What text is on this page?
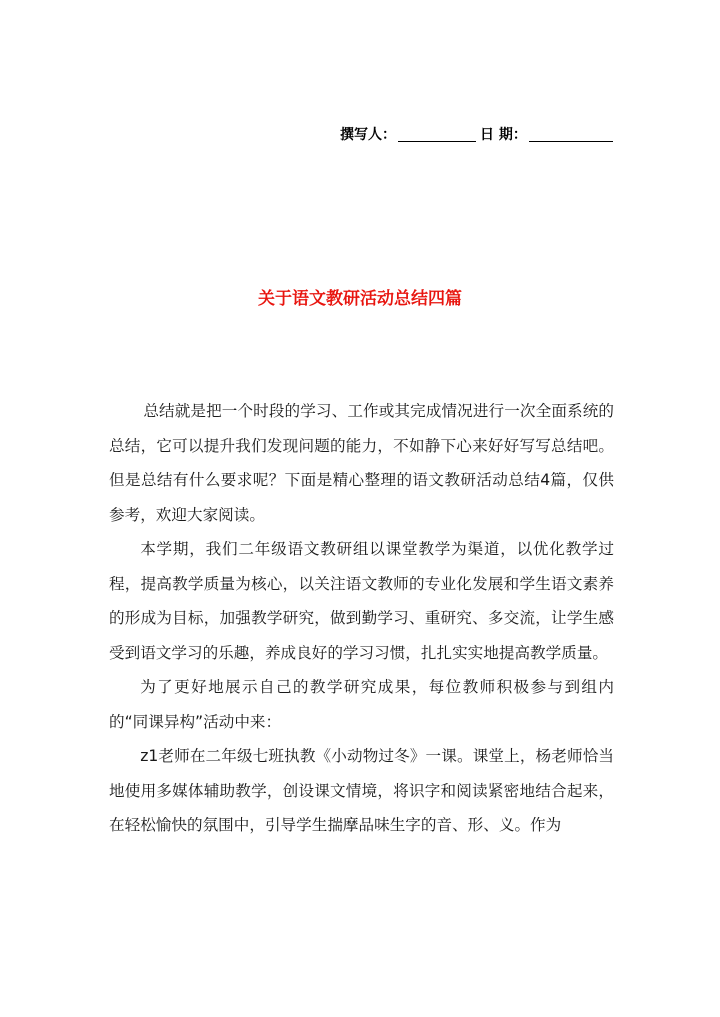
撰写人：	日 期：
关于语文教研活动总结四篇

总结就是把一个时段的学习、工作或其完成情况进行一次全面系统的总结，它可以提升我们发现问题的能力，不如静下心来好好写写总结吧。但是总结有什么要求呢？下面是精心整理的语文教研活动总结4篇，仅供参考，欢迎大家阅读。

本学期，我们二年级语文教研组以课堂教学为渠道，以优化教学过程，提高教学质量为核心，以关注语文教师的专业化发展和学生语文素养的形成为目标，加强教学研究，做到勤学习、重研究、多交流，让学生感受到语文学习的乐趣，养成良好的学习习惯，扎扎实实地提高教学质量。

为了更好地展示自己的教学研究成果，每位教师积极参与到组内的“同课异构”活动中来：

z1老师在二年级七班执教《小动物过冬》一课。课堂上，杨老师恰当地使用多媒体辅助教学，创设课文情境，将识字和阅读紧密地结合起来，在轻松愉快的氛围中，引导学生揣摩品味生字的音、形、义。作为
